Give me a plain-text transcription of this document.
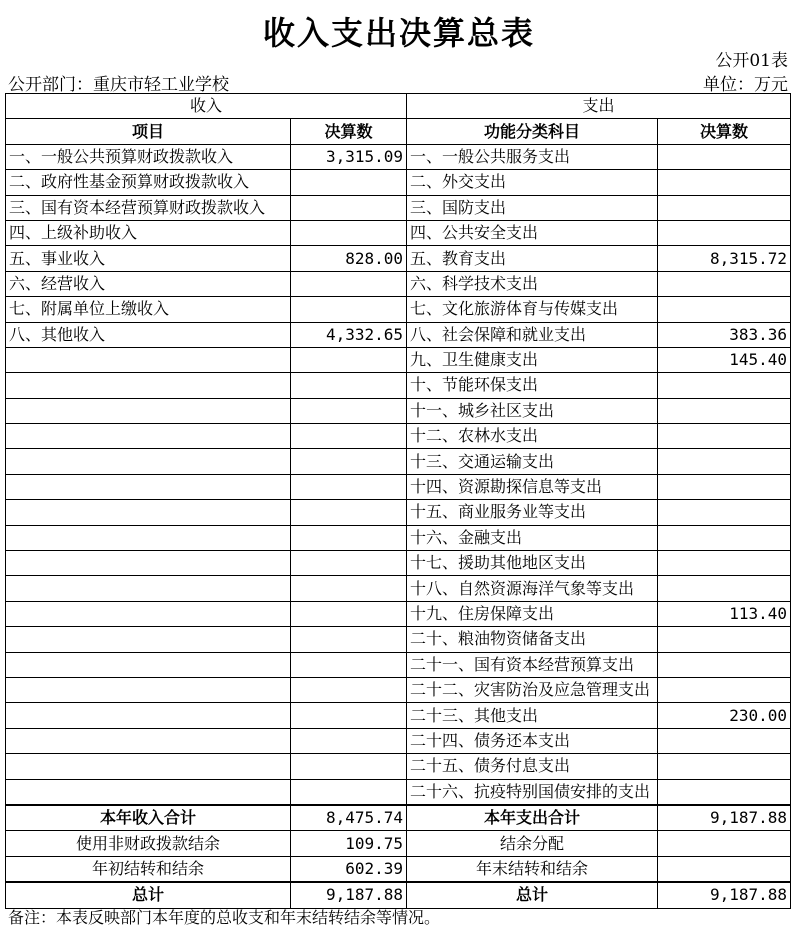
收入支出决算总表
公开01表
公开部门：重庆市轻工业学校	单位：万元
收入		支出	
项目	决算数	功能分类科目	决算数
一、一般公共预算财政拨款收入	3,315.09	一、一般公共服务支出	
二、政府性基金预算财政拨款收入		二、外交支出	
三、国有资本经营预算财政拨款收入		三、国防支出	
四、上级补助收入		四、公共安全支出	
五、事业收入	828.00	五、教育支出	8,315.72
六、经营收入		六、科学技术支出	
七、附属单位上缴收入		七、文化旅游体育与传媒支出	
八、其他收入	4,332.65	八、社会保障和就业支出	383.36
		九、卫生健康支出	145.40
		十、节能环保支出	
		十一、城乡社区支出	
		十二、农林水支出	
		十三、交通运输支出	
		十四、资源勘探信息等支出	
		十五、商业服务业等支出	
		十六、金融支出	
		十七、援助其他地区支出	
		十八、自然资源海洋气象等支出	
		十九、住房保障支出	113.40
		二十、粮油物资储备支出	
		二十一、国有资本经营预算支出	
		二十二、灾害防治及应急管理支出	
		二十三、其他支出	230.00
		二十四、债务还本支出	
		二十五、债务付息支出	
		二十六、抗疫特别国债安排的支出	
本年收入合计	8,475.74	本年支出合计	9,187.88
使用非财政拨款结余	109.75	结余分配	
年初结转和结余	602.39	年末结转和结余	
总计	9,187.88	总计	9,187.88
备注：本表反映部门本年度的总收支和年末结转结余等情况。
